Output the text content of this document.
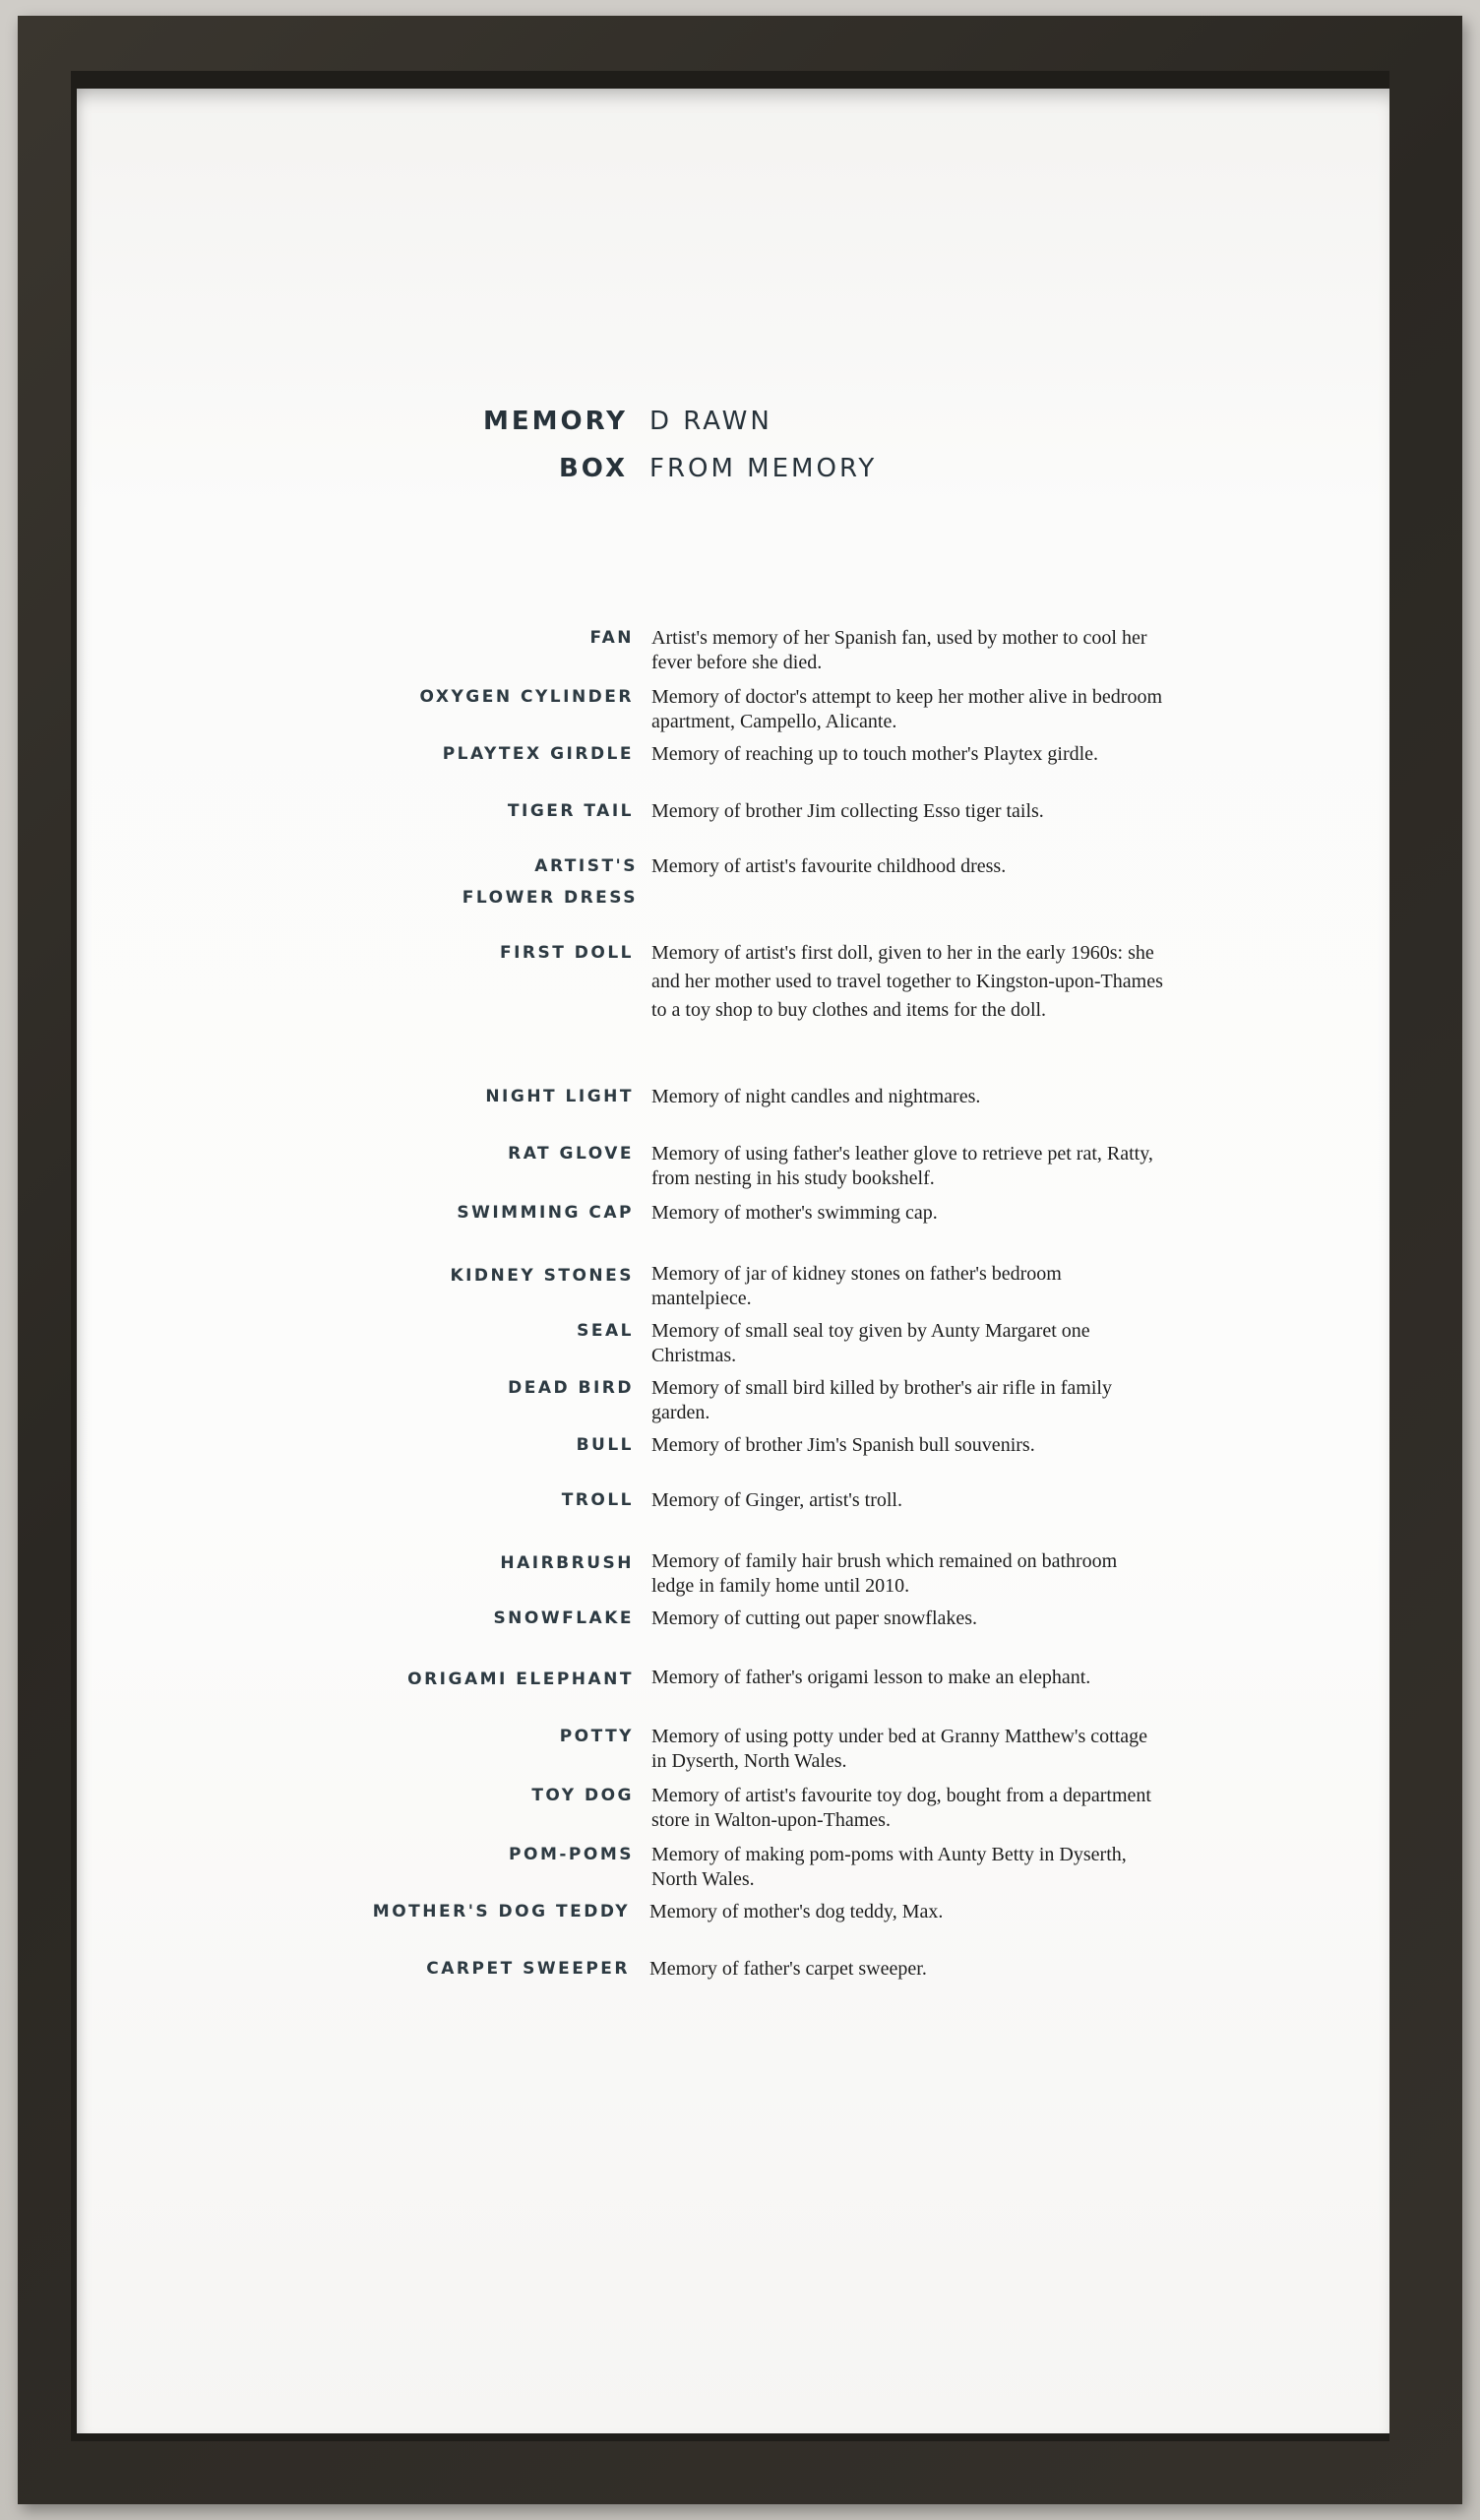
MEMORY
BOX
D RAWN
FROM MEMORY
FAN Artist's memory of her Spanish fan, used by mother to cool her fever before she died.
OXYGEN CYLINDER Memory of doctor's attempt to keep her mother alive in bedroom apartment, Campello, Alicante.
PLAYTEX GIRDLE Memory of reaching up to touch mother's Playtex girdle.
TIGER TAIL Memory of brother Jim collecting Esso tiger tails.
ARTIST'S
FLOWER DRESS
Memory of artist's favourite childhood dress.
FIRST DOLL Memory of artist's first doll, given to her in the early 1960s: she and her mother used to travel together to Kingston-upon-Thames to a toy shop to buy clothes and items for the doll.
NIGHT LIGHT Memory of night candles and nightmares.
RAT GLOVE Memory of using father's leather glove to retrieve pet rat, Ratty, from nesting in his study bookshelf.
SWIMMING CAP Memory of mother's swimming cap.
KIDNEY STONES Memory of jar of kidney stones on father's bedroom mantelpiece.
SEAL Memory of small seal toy given by Aunty Margaret one Christmas.
DEAD BIRD Memory of small bird killed by brother's air rifle in family garden.
BULL Memory of brother Jim's Spanish bull souvenirs.
TROLL Memory of Ginger, artist's troll.
HAIRBRUSH Memory of family hair brush which remained on bathroom ledge in family home until 2010.
SNOWFLAKE Memory of cutting out paper snowflakes.
ORIGAMI ELEPHANT Memory of father's origami lesson to make an elephant.
POTTY Memory of using potty under bed at Granny Matthew's cottage in Dyserth, North Wales.
TOY DOG Memory of artist's favourite toy dog, bought from a department store in Walton-upon-Thames.
POM-POMS Memory of making pom-poms with Aunty Betty in Dyserth, North Wales.
MOTHER'S DOG TEDDY Memory of mother's dog teddy, Max.
CARPET SWEEPER Memory of father's carpet sweeper.
